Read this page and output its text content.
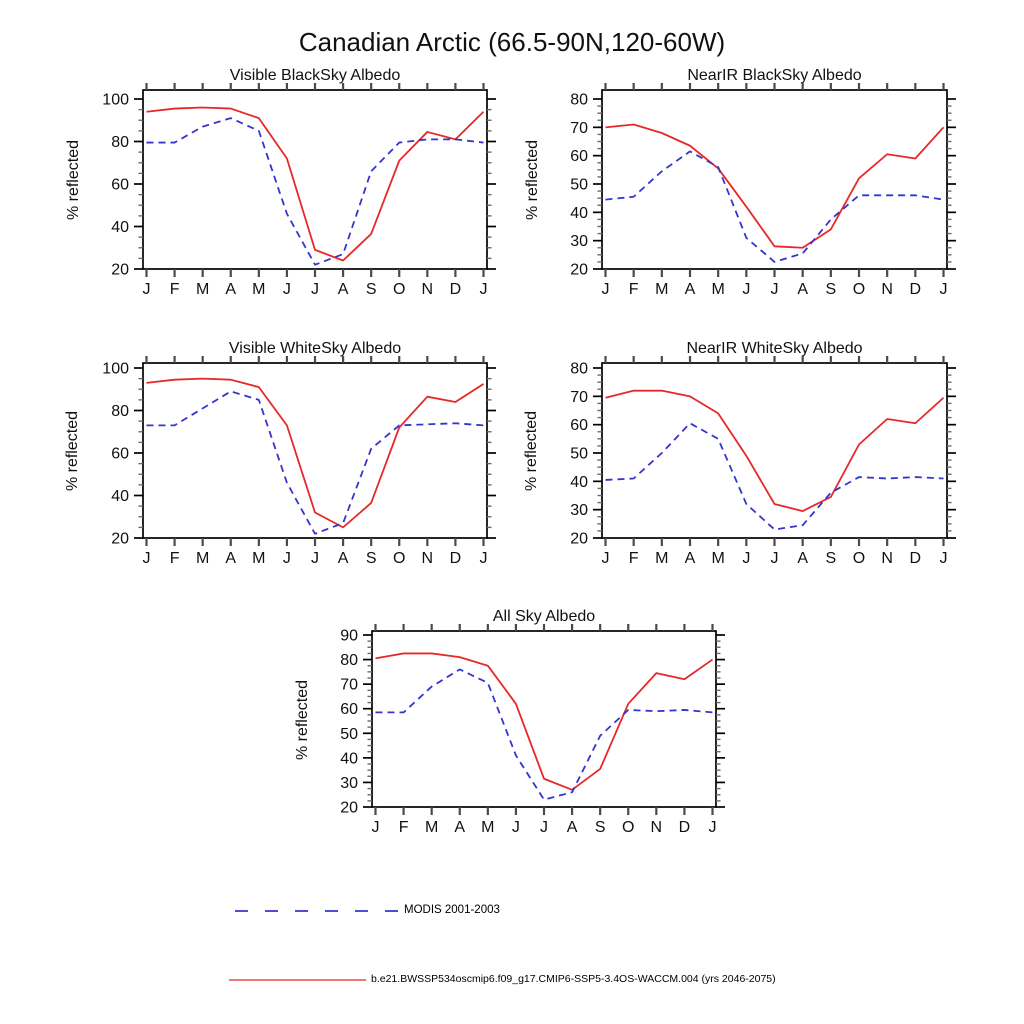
Canadian Arctic (66.5-90N,120-60W)
Visible BlackSky Albedo	NearIR BlackSky Albedo
Visible WhiteSky Albedo	NearIR WhiteSky Albedo
All Sky Albedo
% reflected	% reflected
% reflected	% reflected
% reflected
J F M A M J J A S O N D J
20
40
60
80
100
J F M A M J J A S O N D J
20
30
40
50
60
70
80
J F M A M J J A S O N D J
20
40
60
80
100
J F M A M J J A S O N D J
20
30
40
50
60
70
80
J F M A M J J A S O N D J
20
30
40
50
60
70
80
90
MODIS 2001-2003
b.e21.BWSSP534oscmip6.f09_g17.CMIP6-SSP5-3.4OS-WACCM.004 (yrs 2046-2075)
